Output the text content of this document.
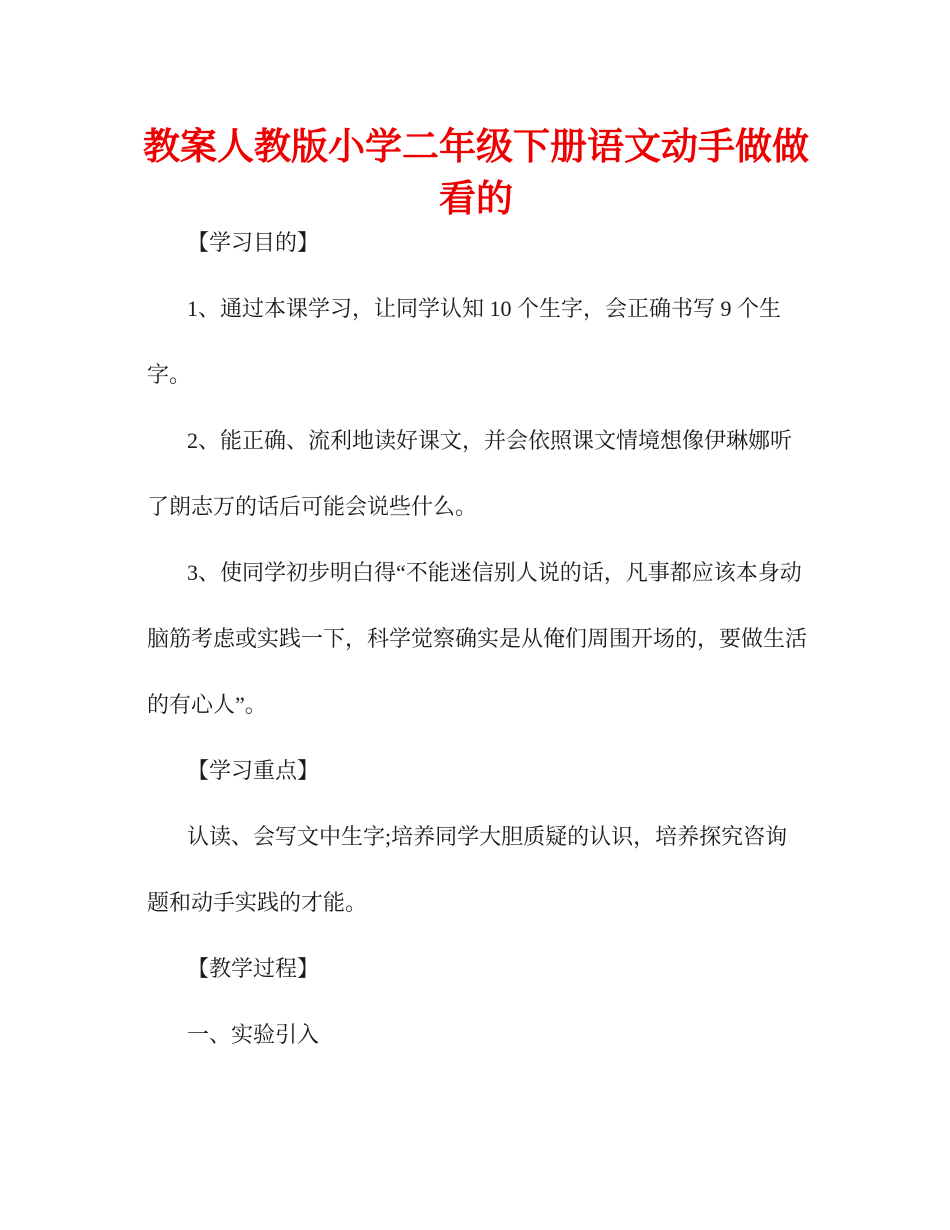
教案人教版小学二年级下册语文动手做做
看的
【学习目的】
1、通过本课学习，让同学认知 10 个生字，会正确书写 9 个生
字。
2、能正确、流利地读好课文，并会依照课文情境想像伊琳娜听
了朗志万的话后可能会说些什么。
3、使同学初步明白得“不能迷信别人说的话，凡事都应该本身动
脑筋考虑或实践一下，科学觉察确实是从俺们周围开场的，要做生活
的有心人”。
【学习重点】
认读、会写文中生字;培养同学大胆质疑的认识，培养探究咨询
题和动手实践的才能。
【教学过程】
一、实验引入
